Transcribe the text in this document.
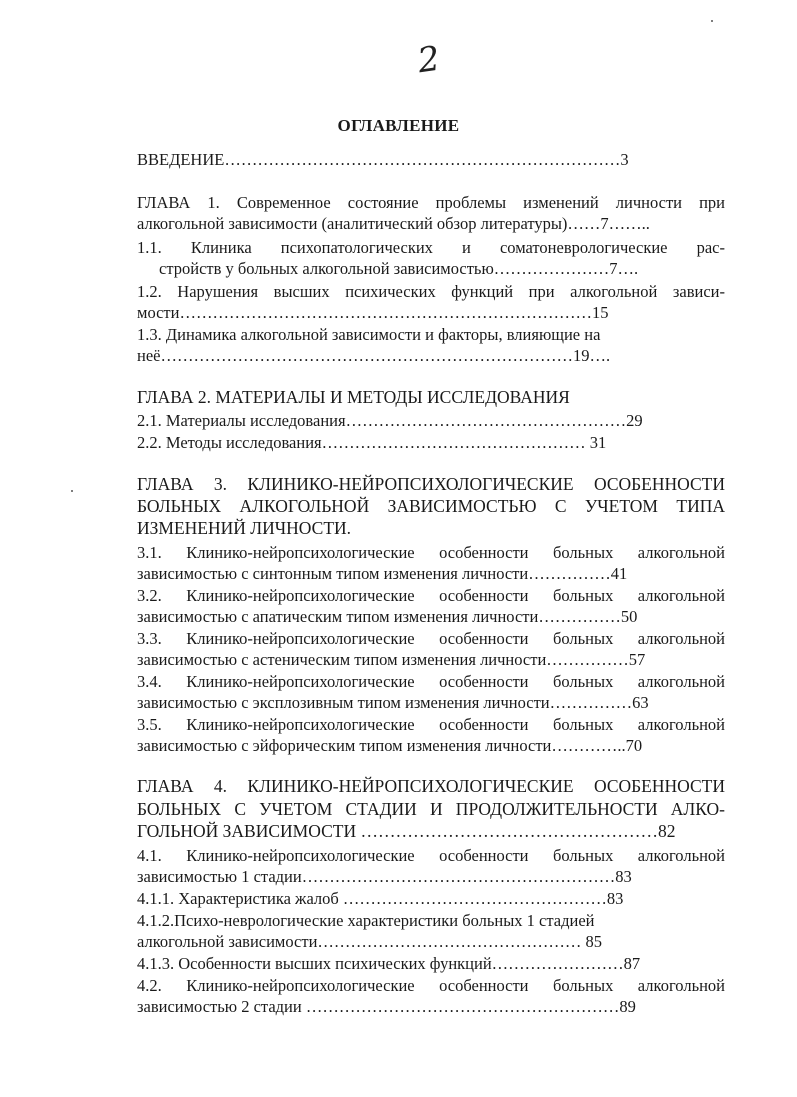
2
ОГЛАВЛЕНИЕ
ВВЕДЕНИЕ………………………………………………………………3
ГЛАВА 1. Современное состояние проблемы изменений личности при
алкогольной зависимости (аналитический обзор литературы)……7……..
1.1. Клиника психопатологических и соматоневрологические рас-
стройств у больных алкогольной зависимостью…………………7….
1.2. Нарушения высших психических функций при алкогольной зависи-
мости…………………………………………………………………15
1.3. Динамика алкогольной зависимости и факторы, влияющие на
неё…………………………………………………………………19….
ГЛАВА 2. МАТЕРИАЛЫ И МЕТОДЫ ИССЛЕДОВАНИЯ
2.1. Материалы исследования……………………………………………29
2.2. Методы исследования………………………………………… 31
ГЛАВА 3. КЛИНИКО-НЕЙРОПСИХОЛОГИЧЕСКИЕ ОСОБЕННОСТИ
БОЛЬНЫХ АЛКОГОЛЬНОЙ ЗАВИСИМОСТЬЮ С УЧЕТОМ ТИПА
ИЗМЕНЕНИЙ ЛИЧНОСТИ.
3.1. Клинико-нейропсихологические особенности больных алкогольной
зависимостью с синтонным типом изменения личности……………41
3.2. Клинико-нейропсихологические особенности больных алкогольной
зависимостью с апатическим типом изменения личности……………50
3.3. Клинико-нейропсихологические особенности больных алкогольной
зависимостью с астеническим типом изменения личности……………57
3.4. Клинико-нейропсихологические особенности больных алкогольной
зависимостью с эксплозивным типом изменения личности……………63
3.5. Клинико-нейропсихологические особенности больных алкогольной
зависимостью с эйфорическим типом изменения личности…………..70
ГЛАВА 4. КЛИНИКО-НЕЙРОПСИХОЛОГИЧЕСКИЕ ОСОБЕННОСТИ
БОЛЬНЫХ С УЧЕТОМ СТАДИИ И ПРОДОЛЖИТЕЛЬНОСТИ АЛКО-
ГОЛЬНОЙ ЗАВИСИМОСТИ ……………………………………………82
4.1. Клинико-нейропсихологические особенности больных алкогольной
зависимостью 1 стадии…………………………………………………83
4.1.1. Характеристика жалоб …………………………………………83
4.1.2.Психо-неврологические характеристики больных 1 стадией
алкогольной зависимости………………………………………… 85
4.1.3. Особенности высших психических функций……………………87
4.2. Клинико-нейропсихологические особенности больных алкогольной
зависимостью 2 стадии …………………………………………………89
